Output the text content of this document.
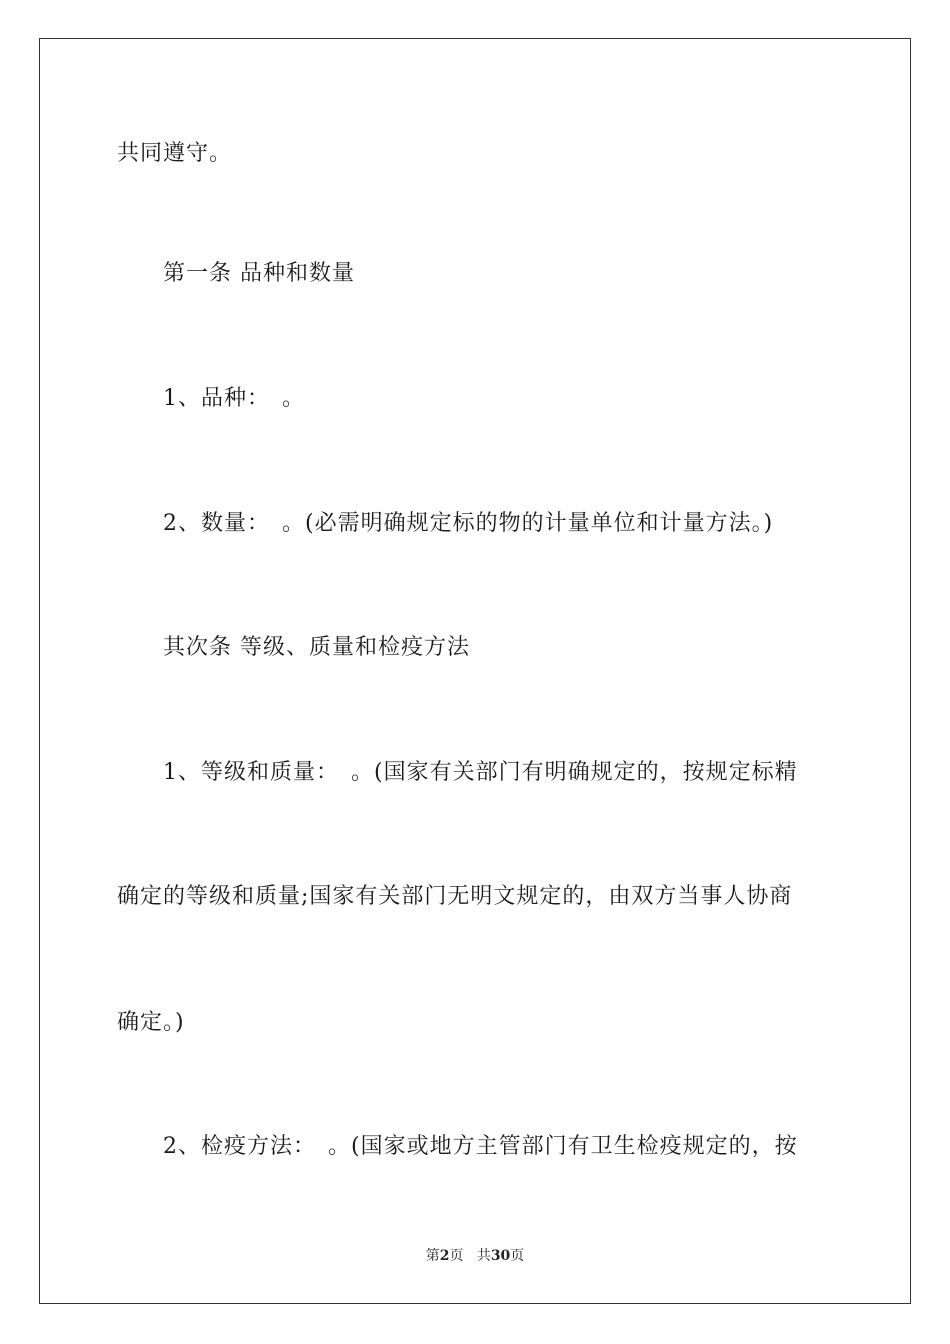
共同遵守。
第一条 品种和数量
1、品种：　。
2、数量：　。(必需明确规定标的物的计量单位和计量方法。)
其次条 等级、质量和检疫方法
1、等级和质量：　。(国家有关部门有明确规定的，按规定标精
确定的等级和质量;国家有关部门无明文规定的，由双方当事人协商
确定。)
2、检疫方法：　。(国家或地方主管部门有卫生检疫规定的，按
第2页 共30页
